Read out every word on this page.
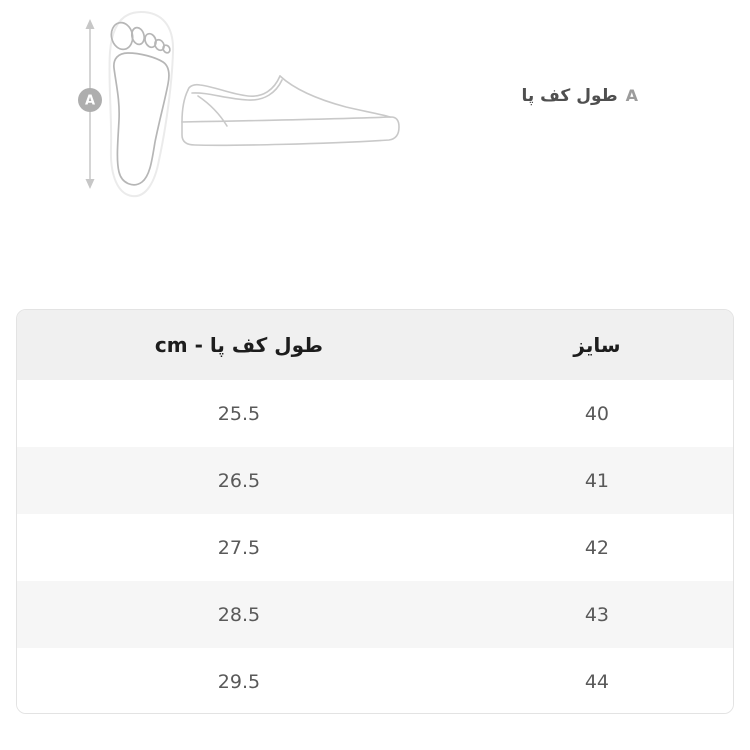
A	A
طول کف پا
طول کف پا - cm	سایز
25.5	40
26.5	41
27.5	42
28.5	43
29.5	44
